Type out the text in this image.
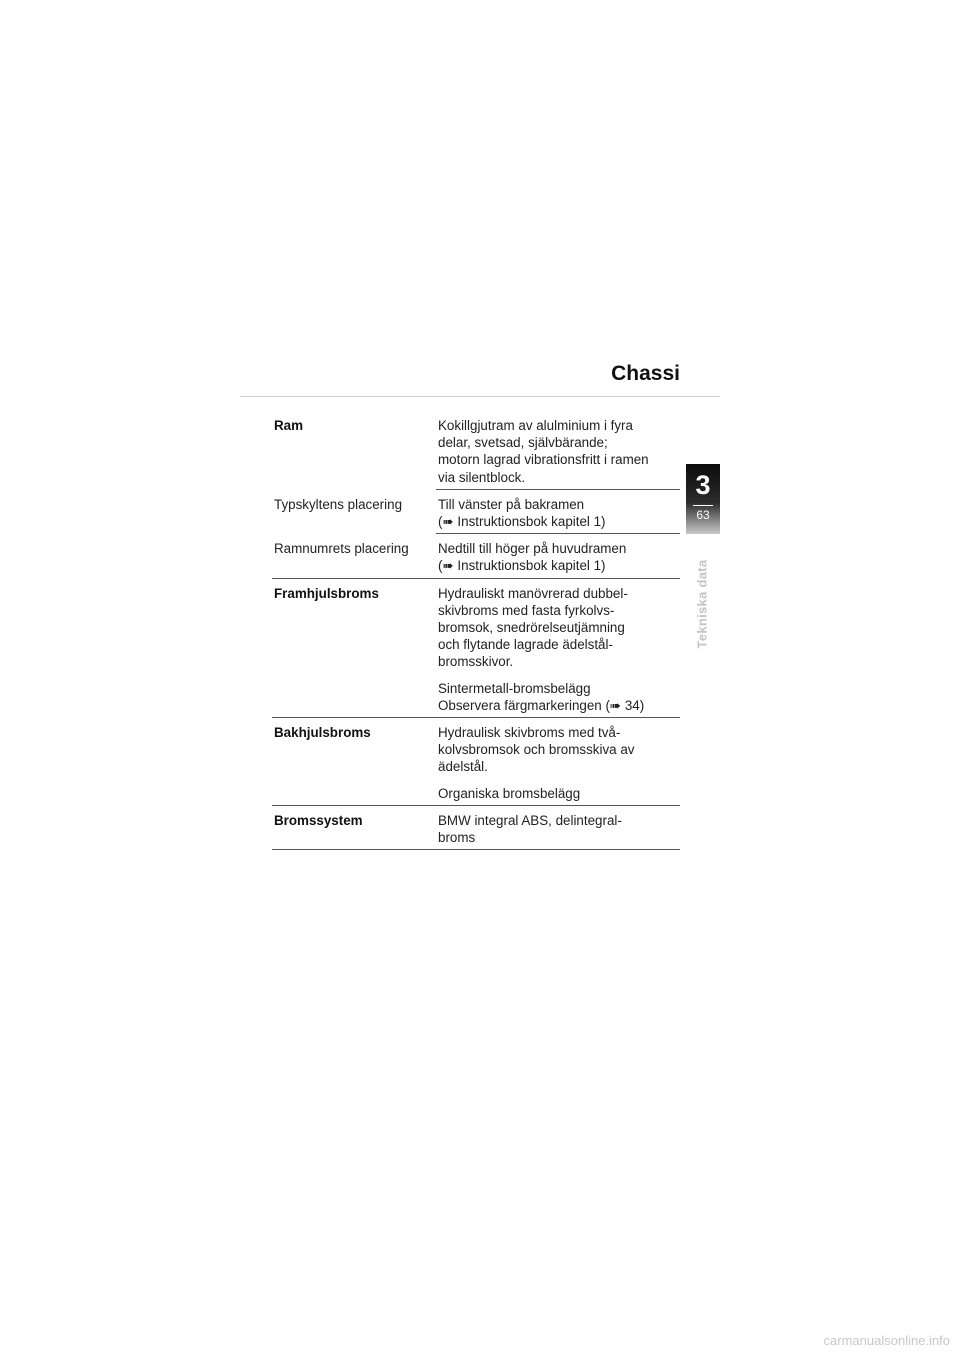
Chassi
Ram	Kokillgjutram av alulminium i fyra
delar, svetsad, självbärande;
motorn lagrad vibrationsfritt i ramen
via silentblock.

Typskyltens placering	Till vänster på bakramen
(➠ Instruktionsbok kapitel 1)

Ramnumrets placering	Nedtill till höger på huvudramen
(➠ Instruktionsbok kapitel 1)

Framhjulsbroms	Hydrauliskt manövrerad dubbel-
skivbroms med fasta fyrkolvs-
bromsok, snedrörelseutjämning
och flytande lagrade ädelstål-
bromsskivor.

Sintermetall-bromsbelägg
Observera färgmarkeringen (➠ 34)

Bakhjulsbroms	Hydraulisk skivbroms med två-
kolvsbromsok och bromsskiva av
ädelstål.

Organiska bromsbelägg

Bromssystem	BMW integral ABS, delintegral-
broms

3
63
Tekniska data
carmanualsonline.info
